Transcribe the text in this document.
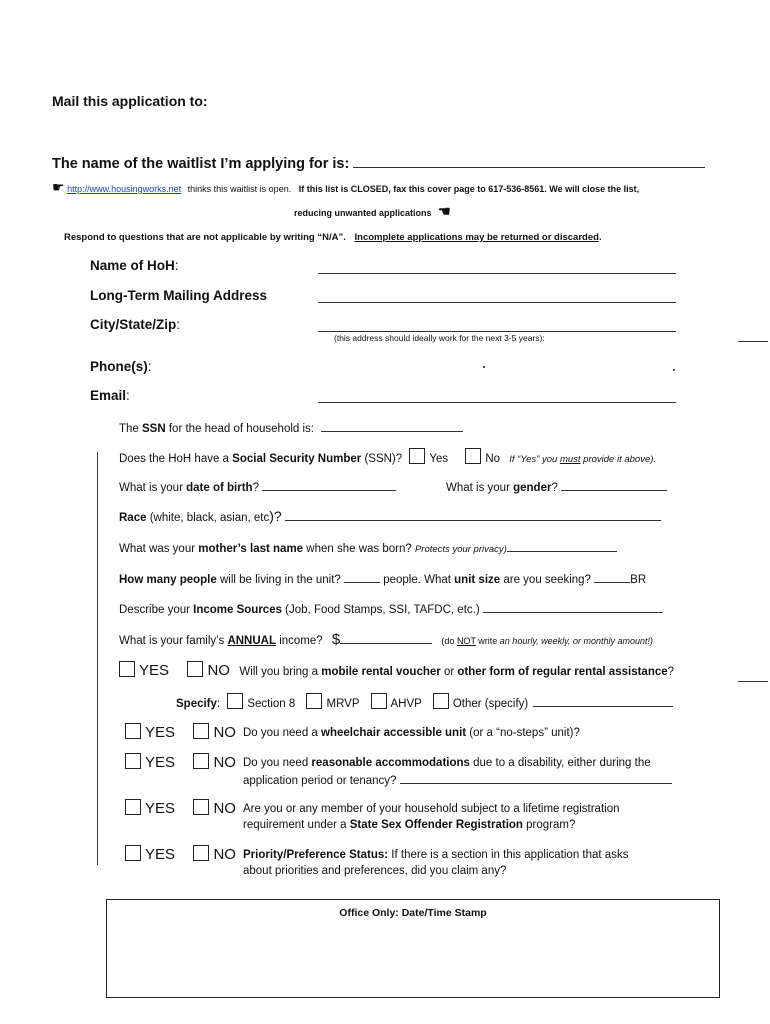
Mail this application to:
The name of the waitlist I’m applying for is:
☛ http://www.housingworks.net thinks this waitlist is open. If this list is CLOSED, fax this cover page to 617-536-8561. We will close the list,
reducing unwanted applications ☛
Respond to questions that are not applicable by writing “N/A”. Incomplete applications may be returned or discarded.
Name of HoH:
Long-Term Mailing Address
City/State/Zip:
(this address should ideally work for the next 3-5 years):
Phone(s):
Email:
The SSN for the head of household is:
Does the HoH have a Social Security Number (SSN)? Yes	No If “Yes” you must provide it above).
What is your date of birth?	What is your gender?
Race (white, black, asian, etc)?
What was your mother’s last name when she was born? Protects your privacy)
How many people will be living in the unit?	people. What unit size are you seeking?	BR
Describe your Income Sources (Job, Food Stamps, SSI, TAFDC, etc.)
What is your family’s ANNUAL income? $	(do NOT write an hourly, weekly, or monthly amount!)
YES	NO Will you bring a mobile rental voucher or other form of regular rental assistance?
Specify: Section 8	MRVP	AHVP	Other (specify)
YES	NO Do you need a wheelchair accessible unit (or a “no-steps” unit)?
YES	NO Do you need reasonable accommodations due to a disability, either during the
application period or tenancy?
YES	NO Are you or any member of your household subject to a lifetime registration
requirement under a State Sex Offender Registration program?
YES	NO Priority/Preference Status: If there is a section in this application that asks
about priorities and preferences, did you claim any?
Office Only: Date/Time Stamp
